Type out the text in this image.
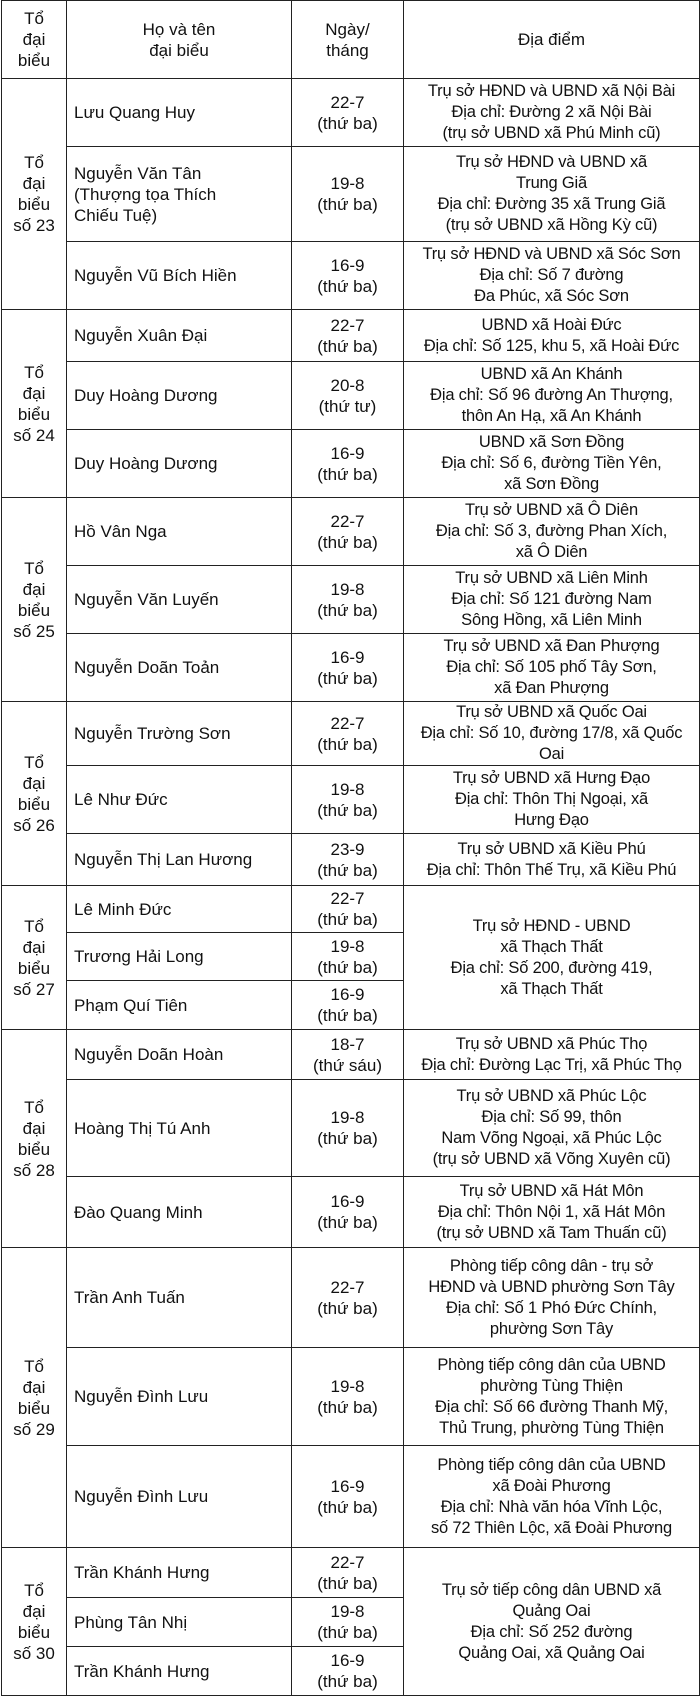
Tổ
đại
biểu	Họ và tên
đại biểu	Ngày/
tháng	Địa điểm

Tổ
đại
biểu
số 23	Lưu Quang Huy	22-7
(thứ ba)	Trụ sở HĐND và UBND xã Nội Bài
Địa chỉ: Đường 2 xã Nội Bài
(trụ sở UBND xã Phú Minh cũ)

	Nguyễn Văn Tân
(Thượng tọa Thích
Chiếu Tuệ)	19-8
(thứ ba)	Trụ sở HĐND và UBND xã
Trung Giã
Địa chỉ: Đường 35 xã Trung Giã
(trụ sở UBND xã Hồng Kỳ cũ)

	Nguyễn Vũ Bích Hiền	16-9
(thứ ba)	Trụ sở HĐND và UBND xã Sóc Sơn
Địa chỉ: Số 7 đường
Đa Phúc, xã Sóc Sơn

Tổ
đại
biểu
số 24	Nguyễn Xuân Đại	22-7
(thứ ba)	UBND xã Hoài Đức
Địa chỉ: Số 125, khu 5, xã Hoài Đức

	Duy Hoàng Dương	20-8
(thứ tư)	UBND xã An Khánh
Địa chỉ: Số 96 đường An Thượng,
thôn An Hạ, xã An Khánh

	Duy Hoàng Dương	16-9
(thứ ba)	UBND xã Sơn Đồng
Địa chỉ: Số 6, đường Tiền Yên,
xã Sơn Đồng

Tổ
đại
biểu
số 25	Hồ Vân Nga	22-7
(thứ ba)	Trụ sở UBND xã Ô Diên
Địa chỉ: Số 3, đường Phan Xích,
xã Ô Diên

	Nguyễn Văn Luyến	19-8
(thứ ba)	Trụ sở UBND xã Liên Minh
Địa chỉ: Số 121 đường Nam
Sông Hồng, xã Liên Minh

	Nguyễn Doãn Toản	16-9
(thứ ba)	Trụ sở UBND xã Đan Phượng
Địa chỉ: Số 105 phố Tây Sơn,
xã Đan Phượng

Tổ
đại
biểu
số 26	Nguyễn Trường Sơn	22-7
(thứ ba)	Trụ sở UBND xã Quốc Oai
Địa chỉ: Số 10, đường 17/8, xã Quốc Oai

	Lê Như Đức	19-8
(thứ ba)	Trụ sở UBND xã Hưng Đạo
Địa chỉ: Thôn Thị Ngoại, xã
Hưng Đạo

	Nguyễn Thị Lan Hương	23-9
(thứ ba)	Trụ sở UBND xã Kiều Phú
Địa chỉ: Thôn Thế Trụ, xã Kiều Phú

Tổ
đại
biểu
số 27	Lê Minh Đức	22-7
(thứ ba)	Trụ sở HĐND - UBND
xã Thạch Thất
Địa chỉ: Số 200, đường 419,
xã Thạch Thất

	Trương Hải Long	19-8
(thứ ba)	

	Phạm Quí Tiên	16-9
(thứ ba)	

Tổ
đại
biểu
số 28	Nguyễn Doãn Hoàn	18-7
(thứ sáu)	Trụ sở UBND xã Phúc Thọ
Địa chỉ: Đường Lạc Trị, xã Phúc Thọ

	Hoàng Thị Tú Anh	19-8
(thứ ba)	Trụ sở UBND xã Phúc Lộc
Địa chỉ: Số 99, thôn
Nam Võng Ngoại, xã Phúc Lộc
(trụ sở UBND xã Võng Xuyên cũ)

	Đào Quang Minh	16-9
(thứ ba)	Trụ sở UBND xã Hát Môn
Địa chỉ: Thôn Nội 1, xã Hát Môn
(trụ sở UBND xã Tam Thuấn cũ)

Tổ
đại
biểu
số 29	Trần Anh Tuấn	22-7
(thứ ba)	Phòng tiếp công dân - trụ sở
HĐND và UBND phường Sơn Tây
Địa chỉ: Số 1 Phó Đức Chính,
phường Sơn Tây

	Nguyễn Đình Lưu	19-8
(thứ ba)	Phòng tiếp công dân của UBND
phường Tùng Thiện
Địa chỉ: Số 66 đường Thanh Mỹ,
Thủ Trung, phường Tùng Thiện

	Nguyễn Đình Lưu	16-9
(thứ ba)	Phòng tiếp công dân của UBND
xã Đoài Phương
Địa chỉ: Nhà văn hóa Vĩnh Lộc,
số 72 Thiên Lộc, xã Đoài Phương

Tổ
đại
biểu
số 30	Trần Khánh Hưng	22-7
(thứ ba)	Trụ sở tiếp công dân UBND xã
Quảng Oai
Địa chỉ: Số 252 đường
Quảng Oai, xã Quảng Oai

	Phùng Tân Nhị	19-8
(thứ ba)	

	Trần Khánh Hưng	16-9
(thứ ba)	
